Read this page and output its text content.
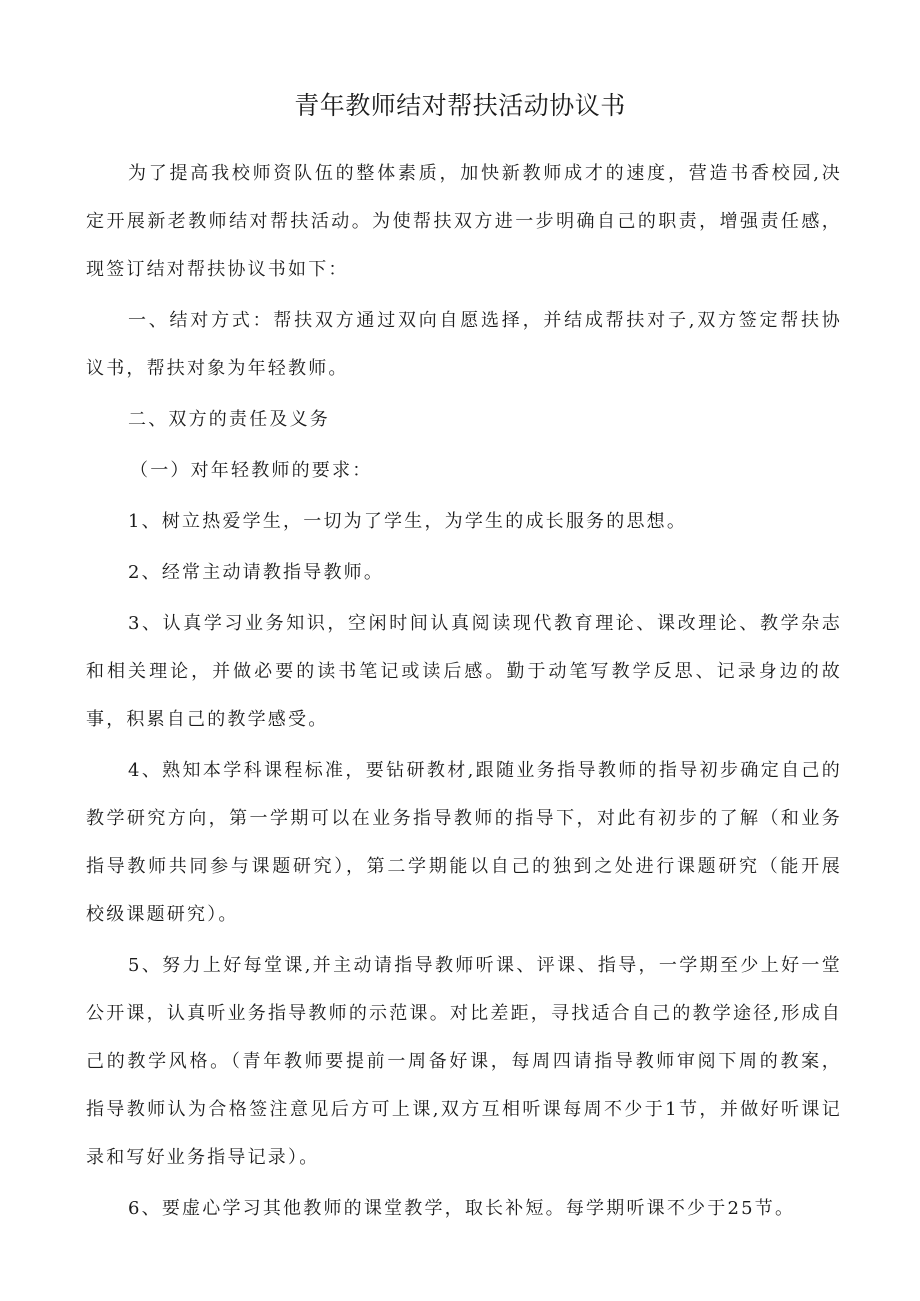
青年教师结对帮扶活动协议书

为了提高我校师资队伍的整体素质，加快新教师成才的速度，营造书香校园,决定开展新老教师结对帮扶活动。为使帮扶双方进一步明确自己的职责，增强责任感，现签订结对帮扶协议书如下：

一、结对方式：帮扶双方通过双向自愿选择，并结成帮扶对子,双方签定帮扶协议书，帮扶对象为年轻教师。

二、双方的责任及义务

（一）对年轻教师的要求：

1、树立热爱学生，一切为了学生，为学生的成长服务的思想。

2、经常主动请教指导教师。

3、认真学习业务知识，空闲时间认真阅读现代教育理论、课改理论、教学杂志和相关理论，并做必要的读书笔记或读后感。勤于动笔写教学反思、记录身边的故事，积累自己的教学感受。

4、熟知本学科课程标准，要钻研教材,跟随业务指导教师的指导初步确定自己的教学研究方向，第一学期可以在业务指导教师的指导下，对此有初步的了解（和业务指导教师共同参与课题研究），第二学期能以自己的独到之处进行课题研究（能开展校级课题研究）。

5、努力上好每堂课,并主动请指导教师听课、评课、指导，一学期至少上好一堂公开课，认真听业务指导教师的示范课。对比差距，寻找适合自己的教学途径,形成自己的教学风格。（青年教师要提前一周备好课，每周四请指导教师审阅下周的教案，指导教师认为合格签注意见后方可上课,双方互相听课每周不少于1节，并做好听课记录和写好业务指导记录）。

6、要虚心学习其他教师的课堂教学，取长补短。每学期听课不少于25节。
